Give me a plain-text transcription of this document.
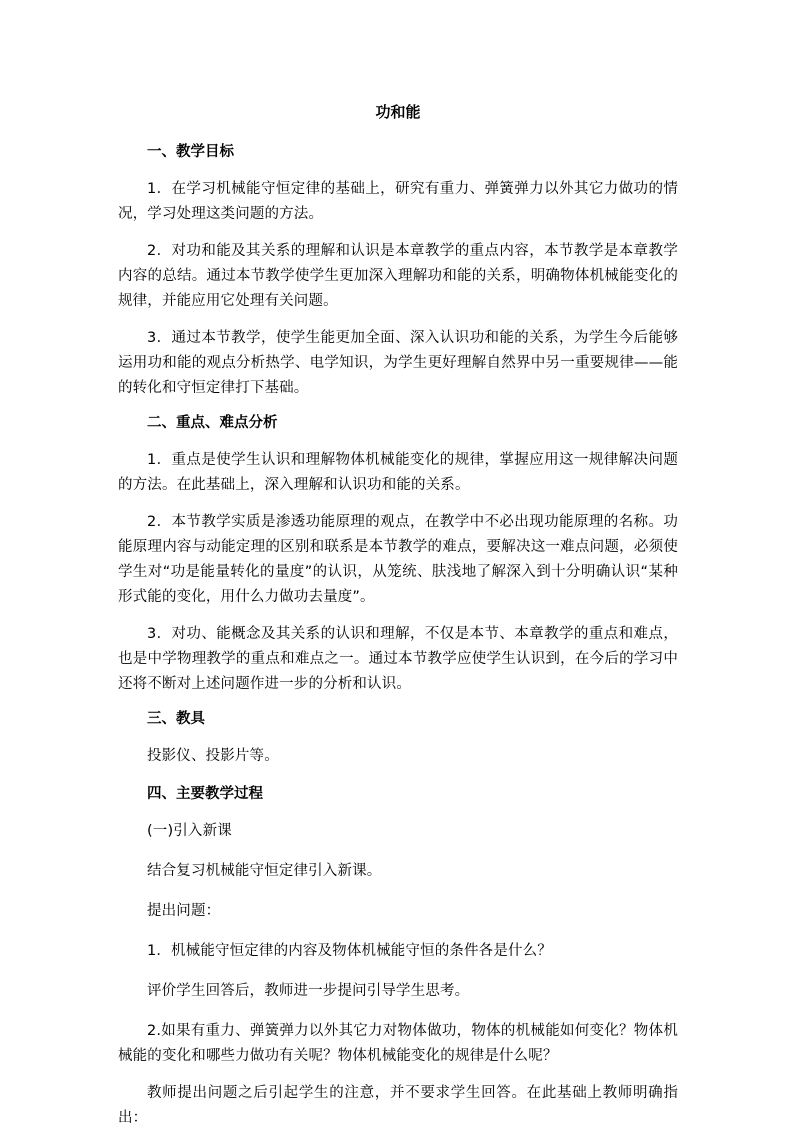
功和能
一、教学目标
1．在学习机械能守恒定律的基础上，研究有重力、弹簧弹力以外其它力做功的情况，学习处理这类问题的方法。
2．对功和能及其关系的理解和认识是本章教学的重点内容，本节教学是本章教学内容的总结。通过本节教学使学生更加深入理解功和能的关系，明确物体机械能变化的规律，并能应用它处理有关问题。
3．通过本节教学，使学生能更加全面、深入认识功和能的关系，为学生今后能够运用功和能的观点分析热学、电学知识，为学生更好理解自然界中另一重要规律——能的转化和守恒定律打下基础。
二、重点、难点分析
1．重点是使学生认识和理解物体机械能变化的规律，掌握应用这一规律解决问题的方法。在此基础上，深入理解和认识功和能的关系。
2．本节教学实质是渗透功能原理的观点，在教学中不必出现功能原理的名称。功能原理内容与动能定理的区别和联系是本节教学的难点，要解决这一难点问题，必须使学生对“功是能量转化的量度”的认识，从笼统、肤浅地了解深入到十分明确认识“某种形式能的变化，用什么力做功去量度”。
3．对功、能概念及其关系的认识和理解，不仅是本节、本章教学的重点和难点，也是中学物理教学的重点和难点之一。通过本节教学应使学生认识到，在今后的学习中还将不断对上述问题作进一步的分析和认识。
三、教具
投影仪、投影片等。
四、主要教学过程
(一)引入新课
结合复习机械能守恒定律引入新课。
提出问题：
1．机械能守恒定律的内容及物体机械能守恒的条件各是什么？
评价学生回答后，教师进一步提问引导学生思考。
2.如果有重力、弹簧弹力以外其它力对物体做功，物体的机械能如何变化？物体机械能的变化和哪些力做功有关呢？物体机械能变化的规律是什么呢？
教师提出问题之后引起学生的注意，并不要求学生回答。在此基础上教师明确指出：
